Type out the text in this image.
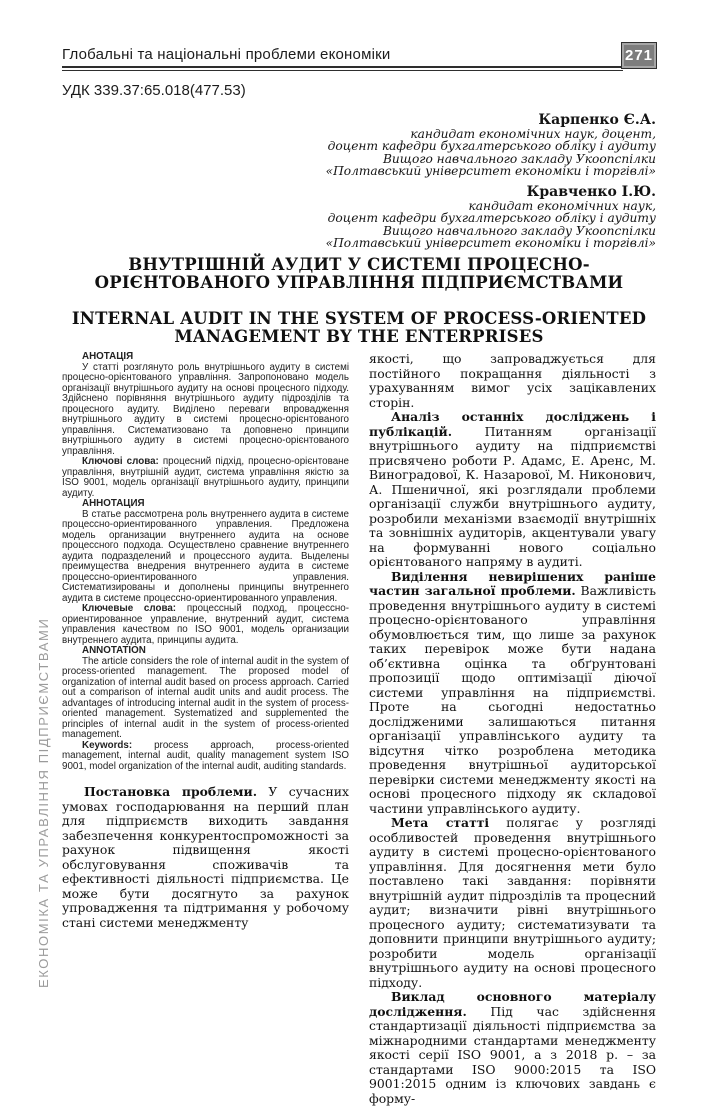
Глобальні та національні проблеми економіки	271
УДК 339.37:65.018(477.53)
Карпенко Є.А.
кандидат економічних наук, доцент,
доцент кафедри бухгалтерського обліку і аудиту
Вищого навчального закладу Укоопспілки
«Полтавський університет економіки і торгівлі»
Кравченко І.Ю.
кандидат економічних наук,
доцент кафедри бухгалтерського обліку і аудиту
Вищого навчального закладу Укоопспілки
«Полтавський університет економіки і торгівлі»
ВНУТРІШНІЙ АУДИТ У СИСТЕМІ ПРОЦЕСНО-ОРІЄНТОВАНОГО УПРАВЛІННЯ ПІДПРИЄМСТВАМИ
INTERNAL AUDIT IN THE SYSTEM OF PROCESS-ORIENTED MANAGEMENT BY THE ENTERPRISES

АНОТАЦІЯ

У статті розглянуто роль внутрішнього аудиту в системі процесно-орієнтованого управління. Запропоновано модель організації внутрішнього аудиту на основі процесного підходу. Здійснено порівняння внутрішнього аудиту підрозділів та процесного аудиту. Виділено переваги впровадження внутрішнього аудиту в системі процесно-орієнтованого управління. Систематизовано та доповнено принципи внутрішнього аудиту в системі процесно-орієнтованого управління.

Ключові слова: процесний підхід, процесно-орієнтоване управління, внутрішній аудит, система управління якістю за ISO 9001, модель організації внутрішнього аудиту, принципи аудиту.

АННОТАЦИЯ

В статье рассмотрена роль внутреннего аудита в системе процессно-ориентированного управления. Предложена модель организации внутреннего аудита на основе процессного подхода. Осуществлено сравнение внутреннего аудита подразделений и процессного аудита. Выделены преимущества внедрения внутреннего аудита в системе процессно-ориентированного управления. Систематизированы и дополнены принципы внутреннего аудита в системе процессно-ориентированного управления.

Ключевые слова: процессный подход, процессно-ориентированное управление, внутренний аудит, система управления качеством по ISO 9001, модель организации внутреннего аудита, принципы аудита.

ANNOTATION

The article considers the role of internal audit in the system of process-oriented management. The proposed model of organization of internal audit based on process approach. Carried out a comparison of internal audit units and audit process. The advantages of introducing internal audit in the system of process-oriented management. Systematized and supplemented the principles of internal audit in the system of process-oriented management.

Keywords: process approach, process-oriented management, internal audit, quality management system ISO 9001, model organization of the internal audit, auditing standards.

Постановка проблеми. У сучасних умовах господарювання на перший план для підприємств виходить завдання забезпечення конкурентоспроможності за рахунок підвищення якості обслуговування споживачів та ефективності діяльності підприємства. Це може бути досягнуто за рахунок упровадження та підтримання у робочому стані системи менеджменту

якості, що запроваджується для постійного покращання діяльності з урахуванням вимог усіх зацікавлених сторін.

Аналіз останніх досліджень і публікацій. Питанням організації внутрішнього аудиту на підприємстві присвячено роботи Р. Адамс, Е. Аренс, М. Виноградової, К. Назарової, М. Никонович, А. Пшеничної, які розглядали проблеми організації служби внутрішнього аудиту, розробили механізми взаємодії внутрішніх та зовнішніх аудиторів, акцентували увагу на формуванні нового соціально орієнтованого напряму в аудиті.

Виділення невирішених раніше частин загальної проблеми. Важливість проведення внутрішнього аудиту в системі процесно-орієнтованого управління обумовлюється тим, що лише за рахунок таких перевірок може бути надана об’єктивна оцінка та обґрунтовані пропозиції щодо оптимізації діючої системи управління на підприємстві. Проте на сьогодні недостатньо дослідженими залишаються питання організації управлінського аудиту та відсутня чітко розроблена методика проведення внутрішньої аудиторської перевірки системи менеджменту якості на основі процесного підходу як складової частини управлінського аудиту.

Мета статті полягає у розгляді особливостей проведення внутрішнього аудиту в системі процесно-орієнтованого управління. Для досягнення мети було поставлено такі завдання: порівняти внутрішній аудит підрозділів та процесний аудит; визначити рівні внутрішнього процесного аудиту; систематизувати та доповнити принципи внутрішнього аудиту; розробити модель організації внутрішнього аудиту на основі процесного підходу.

Виклад основного матеріалу дослідження. Під час здійснення стандартизації діяльності підприємства за міжнародними стандартами менеджменту якості серії ISO 9001, а з 2018 р. – за стандартами ISO 9000:2015 та ISO 9001:2015 одним із ключових завдань є форму-

ЕКОНОМІКА ТА УПРАВЛІННЯ ПІДПРИЄМСТВАМИ
